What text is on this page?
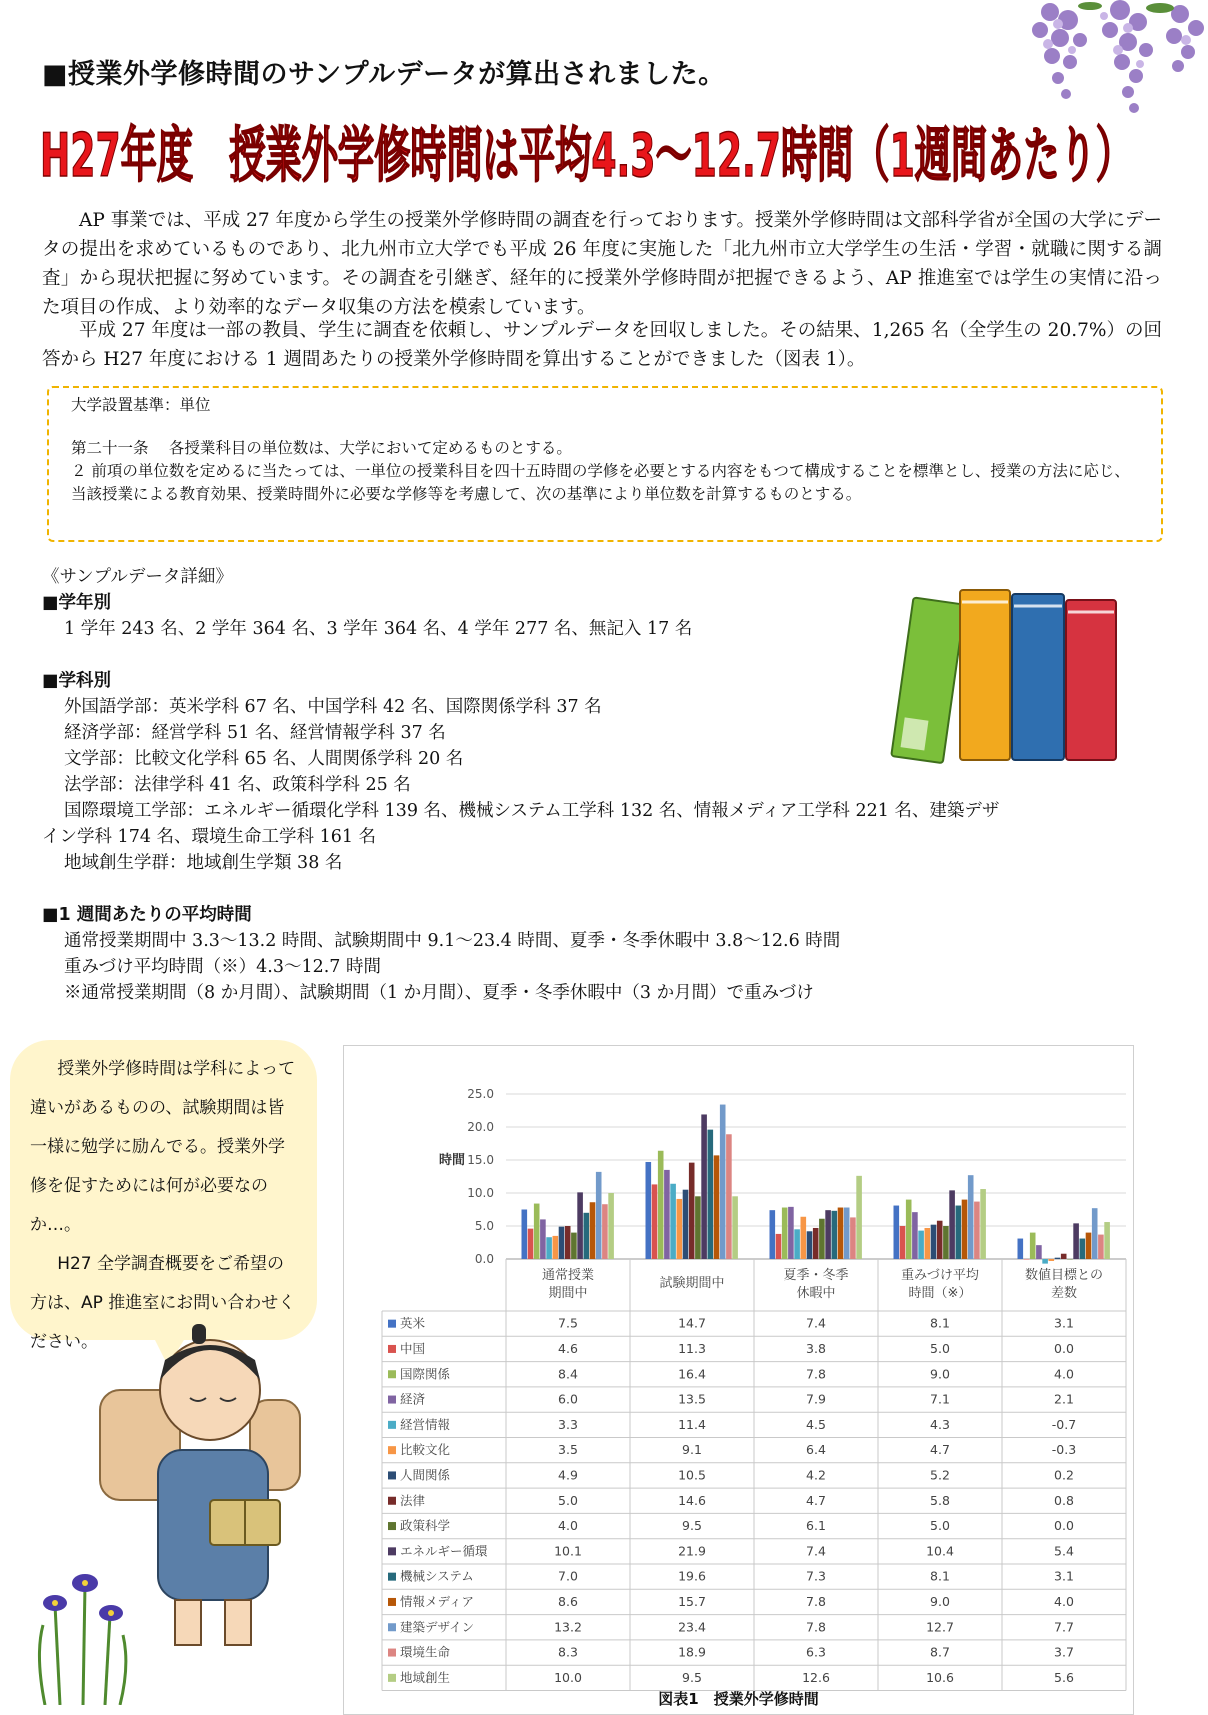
■授業外学修時間のサンプルデータが算出されました。
H27年度　授業外学修時間は平均4.3～12.7時間（1週間あたり）
AP 事業では、平成 27 年度から学生の授業外学修時間の調査を行っております。授業外学修時間は文部科学省が全国の大学にデータの提出を求めているものであり、北九州市立大学でも平成 26 年度に実施した「北九州市立大学学生の生活・学習・就職に関する調査」から現状把握に努めています。その調査を引継ぎ、経年的に授業外学修時間が把握できるよう、AP 推進室では学生の実情に沿った項目の作成、より効率的なデータ収集の方法を模索しています。
平成 27 年度は一部の教員、学生に調査を依頼し、サンプルデータを回収しました。その結果、1,265 名（全学生の 20.7%）の回答から H27 年度における 1 週間あたりの授業外学修時間を算出することができました（図表 1）。
大学設置基準：単位
第二十一条　 各授業科目の単位数は、大学において定めるものとする。
２ 前項の単位数を定めるに当たっては、一単位の授業科目を四十五時間の学修を必要とする内容をもつて構成することを標準とし、授業の方法に応じ、当該授業による教育効果、授業時間外に必要な学修等を考慮して、次の基準により単位数を計算するものとする。
《サンプルデータ詳細》
■学年別
1 学年 243 名、2 学年 364 名、3 学年 364 名、4 学年 277 名、無記入 17 名
■学科別
外国語学部：英米学科 67 名、中国学科 42 名、国際関係学科 37 名
経済学部：経営学科 51 名、経営情報学科 37 名
文学部：比較文化学科 65 名、人間関係学科 20 名
法学部：法律学科 41 名、政策科学科 25 名
国際環境工学部：エネルギー循環化学科 139 名、機械システム工学科 132 名、情報メディア工学科 221 名、建築デザ
イン学科 174 名、環境生命工学科 161 名
地域創生学群：地域創生学類 38 名
■1 週間あたりの平均時間
通常授業期間中 3.3～13.2 時間、試験期間中 9.1～23.4 時間、夏季・冬季休暇中 3.8～12.6 時間
重みづけ平均時間（※）4.3～12.7 時間
※通常授業期間（8 か月間）、試験期間（1 か月間）、夏季・冬季休暇中（3 か月間）で重みづけ

授業外学修時間は学科によって違いがあるものの、試験期間は皆一様に勉学に励んでる。授業外学修を促すためには何が必要なのか…。

H27 全学調査概要をご希望の方は、AP 推進室にお問い合わせください。

時間
0.0
5.0
10.0
15.0
20.0
25.0
通常授業
期間中
試験期間中
夏季・冬季
休暇中
重みづけ平均
時間（※）
数値目標との
差数
英米	7.5	14.7	7.4	8.1	3.1
中国	4.6	11.3	3.8	5.0	0.0
国際関係	8.4	16.4	7.8	9.0	4.0
経済	6.0	13.5	7.9	7.1	2.1
経営情報	3.3	11.4	4.5	4.3	-0.7
比較文化	3.5	9.1	6.4	4.7	-0.3
人間関係	4.9	10.5	4.2	5.2	0.2
法律	5.0	14.6	4.7	5.8	0.8
政策科学	4.0	9.5	6.1	5.0	0.0
エネルギー循環	10.1	21.9	7.4	10.4	5.4
機械システム	7.0	19.6	7.3	8.1	3.1
情報メディア	8.6	15.7	7.8	9.0	4.0
建築デザイン	13.2	23.4	7.8	12.7	7.7
環境生命	8.3	18.9	6.3	8.7	3.7
地域創生	10.0	9.5	12.6	10.6	5.6
図表1　授業外学修時間
